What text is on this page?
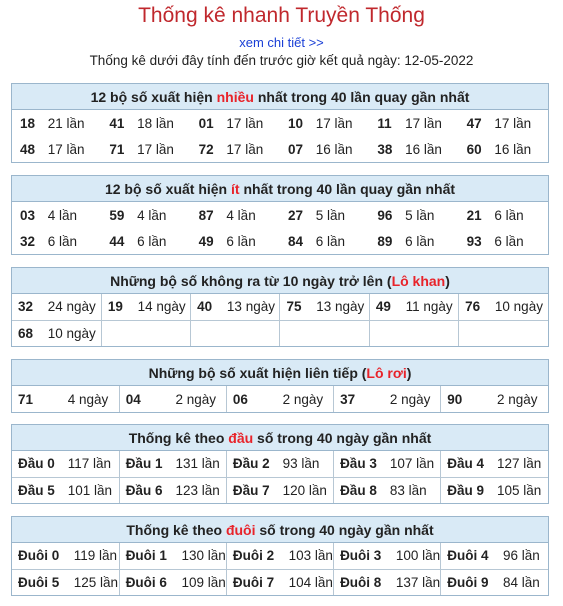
Thống kê nhanh Truyền Thống
xem chi tiết >>
Thống kê dưới đây tính đến trước giờ kết quả ngày: 12-05-2022
12 bộ số xuất hiện nhiều nhất trong 40 lần quay gần nhất
18 21 lần	41 18 lần	01 17 lần	10 17 lần	11 17 lần	47 17 lần
48 17 lần	71 17 lần	72 17 lần	07 16 lần	38 16 lần	60 16 lần
12 bộ số xuất hiện ít nhất trong 40 lần quay gần nhất
03 4 lần	59 4 lần	87 4 lần	27 5 lần	96 5 lần	21 6 lần
32 6 lần	44 6 lần	49 6 lần	84 6 lần	89 6 lần	93 6 lần
Những bộ số không ra từ 10 ngày trở lên (Lô khan)
32 24 ngày	19 14 ngày	40 13 ngày	75 13 ngày	49 11 ngày	76 10 ngày
68 10 ngày					
Những bộ số xuất hiện liên tiếp (Lô rơi)
71	4 ngày	04	2 ngày	06	2 ngày	37	2 ngày	90	2 ngày
Thống kê theo đầu số trong 40 ngày gần nhất
Đầu 0 117 lần	Đầu 1 131 lần	Đầu 2 93 lần	Đầu 3 107 lần	Đầu 4 127 lần
Đầu 5 101 lần	Đầu 6 123 lần	Đầu 7 120 lần	Đầu 8 83 lần	Đầu 9 105 lần
Thống kê theo đuôi số trong 40 ngày gần nhất
Đuôi 0 119 lần	Đuôi 1 130 lần	Đuôi 2 103 lần	Đuôi 3 100 lần	Đuôi 4 96 lần
Đuôi 5 125 lần	Đuôi 6 109 lần	Đuôi 7 104 lần	Đuôi 8 137 lần	Đuôi 9 84 lần
